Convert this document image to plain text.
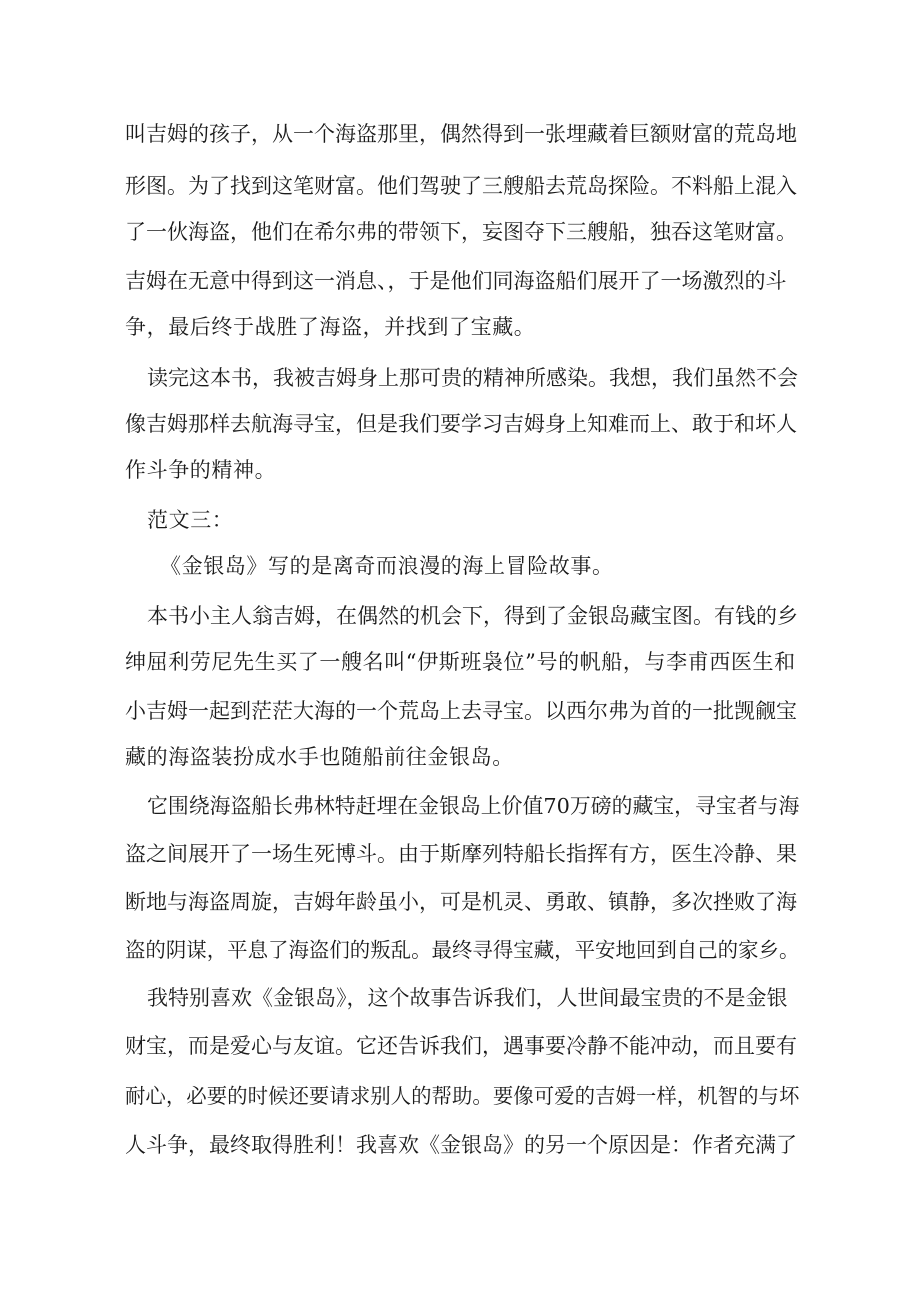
叫吉姆的孩子，从一个海盗那里，偶然得到一张埋藏着巨额财富的荒岛地
形图。为了找到这笔财富。他们驾驶了三艘船去荒岛探险。不料船上混入
了一伙海盗，他们在希尔弗的带领下，妄图夺下三艘船，独吞这笔财富。
吉姆在无意中得到这一消息、，于是他们同海盗船们展开了一场激烈的斗
争，最后终于战胜了海盗，并找到了宝藏。
读完这本书，我被吉姆身上那可贵的精神所感染。我想，我们虽然不会
像吉姆那样去航海寻宝，但是我们要学习吉姆身上知难而上、敢于和坏人
作斗争的精神。
范文三：
《金银岛》写的是离奇而浪漫的海上冒险故事。
本书小主人翁吉姆，在偶然的机会下，得到了金银岛藏宝图。有钱的乡
绅屈利劳尼先生买了一艘名叫“伊斯班袅位”号的帆船，与李甫西医生和
小吉姆一起到茫茫大海的一个荒岛上去寻宝。以西尔弗为首的一批觊觎宝
藏的海盗装扮成水手也随船前往金银岛。
它围绕海盗船长弗林特赶埋在金银岛上价值70万磅的藏宝，寻宝者与海
盗之间展开了一场生死博斗。由于斯摩列特船长指挥有方，医生冷静、果
断地与海盗周旋，吉姆年龄虽小，可是机灵、勇敢、镇静，多次挫败了海
盗的阴谋，平息了海盗们的叛乱。最终寻得宝藏，平安地回到自己的家乡。
我特别喜欢《金银岛》，这个故事告诉我们，人世间最宝贵的不是金银
财宝，而是爱心与友谊。它还告诉我们，遇事要冷静不能冲动，而且要有
耐心，必要的时候还要请求别人的帮助。要像可爱的吉姆一样，机智的与坏
人斗争，最终取得胜利！我喜欢《金银岛》的另一个原因是：作者充满了
